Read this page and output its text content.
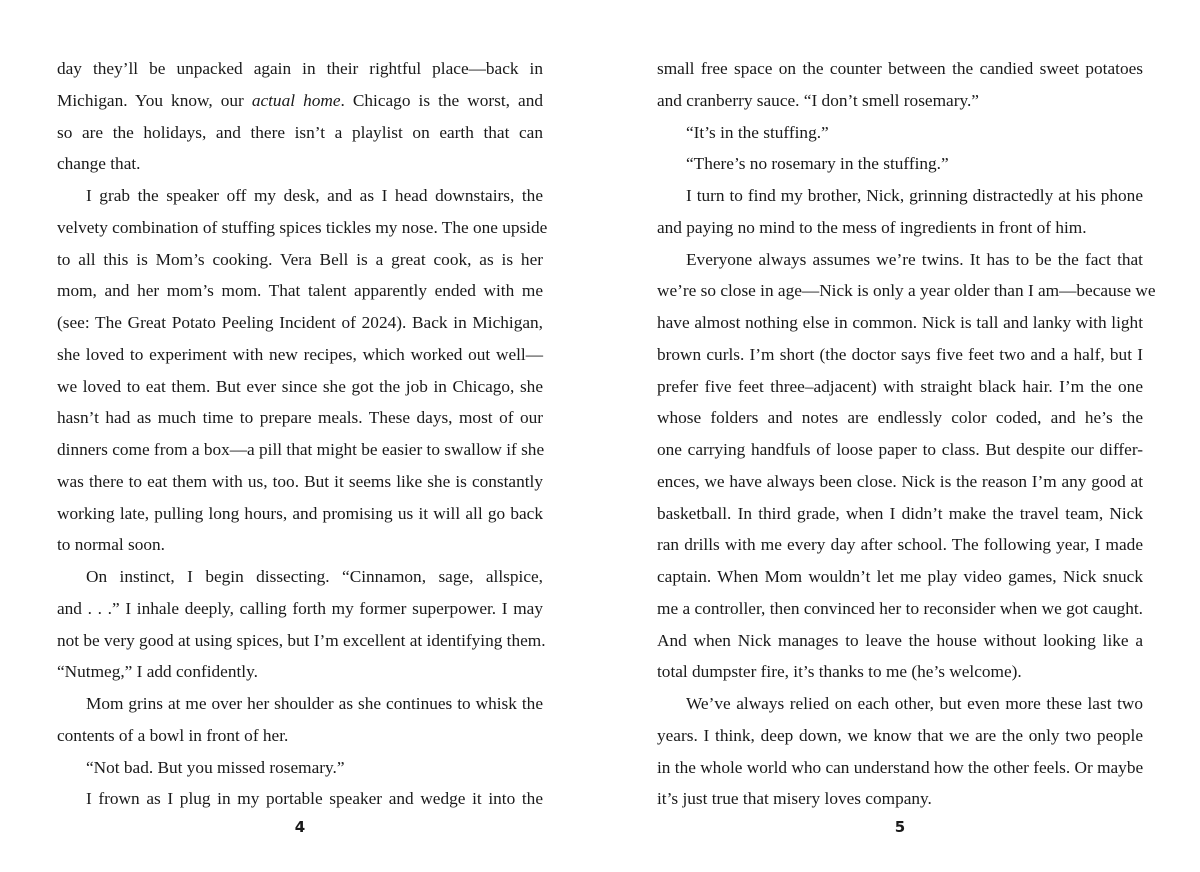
day they’ll be unpacked again in their rightful place—back in
Michigan. You know, our actual home. Chicago is the worst, and
so are the holidays, and there isn’t a playlist on earth that can
change that.
I grab the speaker off my desk, and as I head downstairs, the
velvety combination of stuffing spices tickles my nose. The one upside
to all this is Mom’s cooking. Vera Bell is a great cook, as is her
mom, and her mom’s mom. That talent apparently ended with me
(see: The Great Potato Peeling Incident of 2024). Back in Michigan,
she loved to experiment with new recipes, which worked out well—
we loved to eat them. But ever since she got the job in Chicago, she
hasn’t had as much time to prepare meals. These days, most of our
dinners come from a box—a pill that might be easier to swallow if she
was there to eat them with us, too. But it seems like she is constantly
working late, pulling long hours, and promising us it will all go back
to normal soon.
On instinct, I begin dissecting. “Cinnamon, sage, allspice,
and . . .” I inhale deeply, calling forth my former superpower. I may
not be very good at using spices, but I’m excellent at identifying them.
“Nutmeg,” I add confidently.
Mom grins at me over her shoulder as she continues to whisk the
contents of a bowl in front of her.
“Not bad. But you missed rosemary.”
I frown as I plug in my portable speaker and wedge it into the
small free space on the counter between the candied sweet potatoes
and cranberry sauce. “I don’t smell rosemary.”
“It’s in the stuffing.”
“There’s no rosemary in the stuffing.”
I turn to find my brother, Nick, grinning distractedly at his phone
and paying no mind to the mess of ingredients in front of him.
Everyone always assumes we’re twins. It has to be the fact that
we’re so close in age—Nick is only a year older than I am—because we
have almost nothing else in common. Nick is tall and lanky with light
brown curls. I’m short (the doctor says five feet two and a half, but I
prefer five feet three–adjacent) with straight black hair. I’m the one
whose folders and notes are endlessly color coded, and he’s the
one carrying handfuls of loose paper to class. But despite our differ-
ences, we have always been close. Nick is the reason I’m any good at
basketball. In third grade, when I didn’t make the travel team, Nick
ran drills with me every day after school. The following year, I made
captain. When Mom wouldn’t let me play video games, Nick snuck
me a controller, then convinced her to reconsider when we got caught.
And when Nick manages to leave the house without looking like a
total dumpster fire, it’s thanks to me (he’s welcome).
We’ve always relied on each other, but even more these last two
years. I think, deep down, we know that we are the only two people
in the whole world who can understand how the other feels. Or maybe
it’s just true that misery loves company.
4	5
